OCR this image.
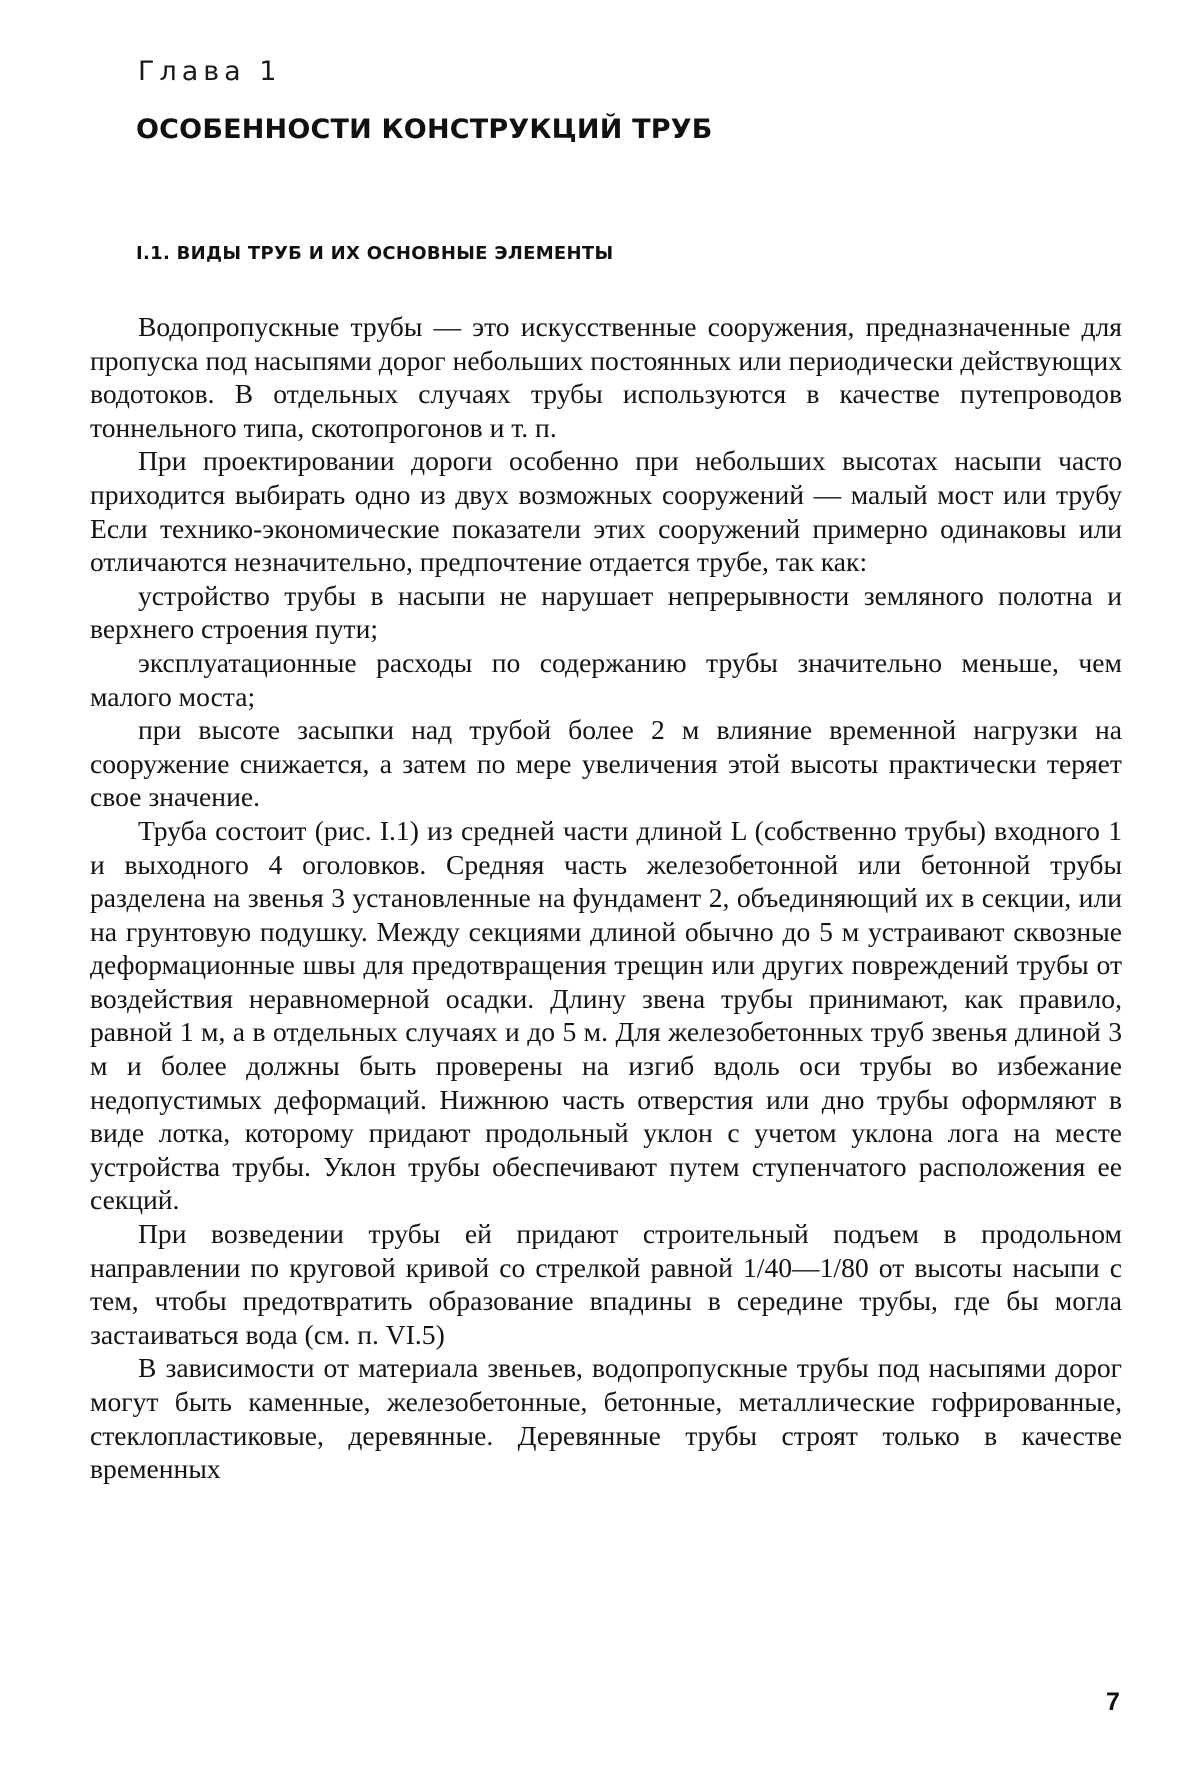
Глава 1
ОСОБЕННОСТИ КОНСТРУКЦИЙ ТРУБ
I.1. ВИДЫ ТРУБ И ИХ ОСНОВНЫЕ ЭЛЕМЕНТЫ

Водопропускные трубы — это искусственные сооружения, предназначенные для пропуска под насыпями дорог небольших постоянных или периодически действующих водотоков. В отдельных случаях трубы используются в качестве путепроводов тоннельного типа, скотопрогонов и т. п.

При проектировании дороги особенно при небольших высотах насыпи часто приходится выбирать одно из двух возможных сооружений — малый мост или трубу Если технико-экономические показатели этих сооружений примерно одинаковы или отличаются незначительно, предпочтение отдается трубе, так как:

устройство трубы в насыпи не нарушает непрерывности земляного полотна и верхнего строения пути;

эксплуатационные расходы по содержанию трубы значительно меньше, чем малого моста;

при высоте засыпки над трубой более 2 м влияние временной нагрузки на сооружение снижается, а затем по мере увеличения этой высоты практически теряет свое значение.

Труба состоит (рис. I.1) из средней части длиной L (собственно трубы) входного 1 и выходного 4 оголовков. Средняя часть железобетонной или бетонной трубы разделена на звенья 3 установленные на фундамент 2, объединяющий их в секции, или на грунтовую подушку. Между секциями длиной обычно до 5 м устраивают сквозные деформационные швы для предотвращения трещин или других повреждений трубы от воздействия неравномерной осадки. Длину звена трубы принимают, как правило, равной 1 м, а в отдельных случаях и до 5 м. Для железобетонных труб звенья длиной 3 м и более должны быть проверены на изгиб вдоль оси трубы во избежание недопустимых деформаций. Нижнюю часть отверстия или дно трубы оформляют в виде лотка, которому придают продольный уклон с учетом уклона лога на месте устройства трубы. Уклон трубы обеспечивают путем ступенчатого расположения ее секций.

При возведении трубы ей придают строительный подъем в продольном направлении по круговой кривой со стрелкой равной 1/40—1/80 от высоты насыпи с тем, чтобы предотвратить образование впадины в середине трубы, где бы могла застаиваться вода (см. п. VI.5)

В зависимости от материала звеньев, водопропускные трубы под насыпями дорог могут быть каменные, железобетонные, бетонные, металлические гофрированные, стеклопластиковые, деревянные. Деревянные трубы строят только в качестве временных

7
